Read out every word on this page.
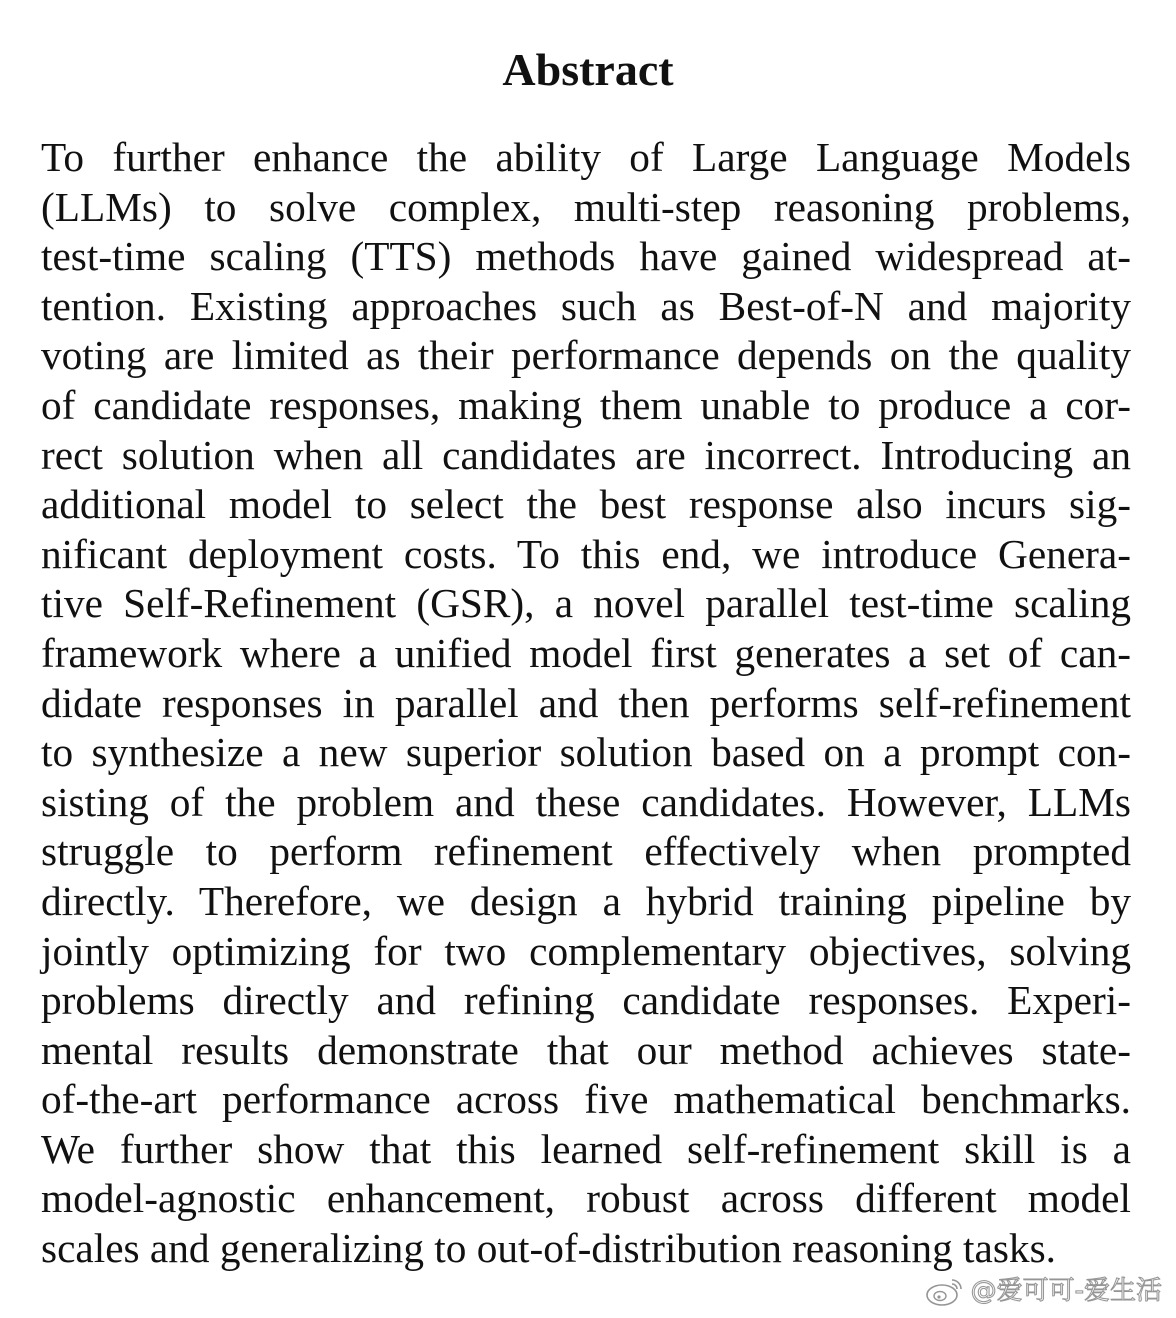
Abstract
To further enhance the ability of Large Language Models
(LLMs) to solve complex, multi-step reasoning problems,
test-time scaling (TTS) methods have gained widespread at-
tention. Existing approaches such as Best-of-N and majority
voting are limited as their performance depends on the quality
of candidate responses, making them unable to produce a cor-
rect solution when all candidates are incorrect. Introducing an
additional model to select the best response also incurs sig-
nificant deployment costs. To this end, we introduce Genera-
tive Self-Refinement (GSR), a novel parallel test-time scaling
framework where a unified model first generates a set of can-
didate responses in parallel and then performs self-refinement
to synthesize a new superior solution based on a prompt con-
sisting of the problem and these candidates. However, LLMs
struggle to perform refinement effectively when prompted
directly. Therefore, we design a hybrid training pipeline by
jointly optimizing for two complementary objectives, solving
problems directly and refining candidate responses. Experi-
mental results demonstrate that our method achieves state-
of-the-art performance across five mathematical benchmarks.
We further show that this learned self-refinement skill is a
model-agnostic enhancement, robust across different model
scales and generalizing to out-of-distribution reasoning tasks.
@爱可可-爱生活
